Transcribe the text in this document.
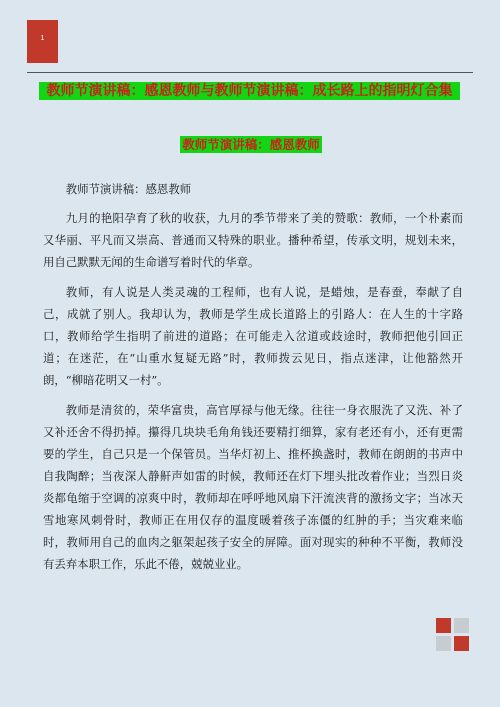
1
教师节演讲稿：感恩教师与教师节演讲稿：成长路上的指明灯合集
教师节演讲稿：感恩教师

教师节演讲稿：感恩教师

九月的艳阳孕育了秋的收获，九月的季节带来了美的赞歌：教师，一个朴素而又华丽、平凡而又崇高、普通而又特殊的职业。播种希望，传承文明，规划未来，用自己默默无闻的生命谱写着时代的华章。

教师，有人说是人类灵魂的工程师，也有人说，是蜡烛，是春蚕，奉献了自己，成就了别人。我却认为，教师是学生成长道路上的引路人：在人生的十字路口，教师给学生指明了前进的道路；在可能走入岔道或歧途时，教师把他引回正道；在迷茫，在“山重水复疑无路”时，教师拨云见日，指点迷津，让他豁然开朗，“柳暗花明又一村”。

教师是清贫的，荣华富贵，高官厚禄与他无缘。往往一身衣服洗了又洗、补了又补还舍不得扔掉。攥得几块块毛角角钱还要精打细算，家有老还有小，还有更需要的学生，自己只是一个保管员。当华灯初上、推杯换盏时，教师在朗朗的书声中自我陶醉；当夜深人静鼾声如雷的时候，教师还在灯下埋头批改着作业；当烈日炎炎都龟缩于空调的凉爽中时，教师却在呼呼地风扇下汗流浃背的激扬文字；当冰天雪地寒风刺骨时，教师正在用仅存的温度暖着孩子冻僵的红肿的手；当灾难来临时，教师用自己的血肉之躯架起孩子安全的屏障。面对现实的种种不平衡，教师没有丢弃本职工作，乐此不倦，兢兢业业。
